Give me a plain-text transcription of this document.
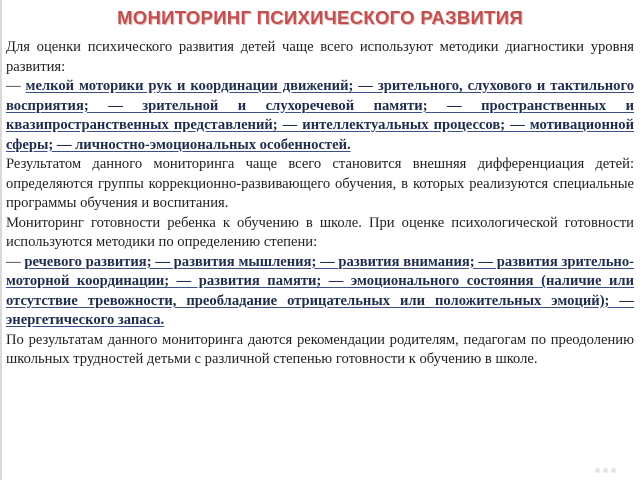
МОНИТОРИНГ ПСИХИЧЕСКОГО РАЗВИТИЯ

Для оценки психического развития детей чаще всего используют методики диагностики уровня развития:
— мелкой моторики рук и координации движений; — зрительного, слухового и тактильного восприятия; — зрительной и слухоречевой памяти; — пространственных и квазипространственных представлений; — интеллектуальных процессов; — мотивационной сферы; — личностно-эмоциональных особенностей.

Результатом данного мониторинга чаще всего становится внешняя дифференциация детей: определяются группы коррекционно-развивающего обучения, в которых реализуются специальные программы обучения и воспитания.

Мониторинг готовности ребенка к обучению в школе. При оценке психологической готовности используются методики по определению степени:
— речевого развития; — развития мышления; — развития внимания; — развития зрительно-моторной координации; — развития памяти; — эмоционального состояния (наличие или отсутствие тревожности, преобладание отрицательных или положительных эмоций); — энергетического запаса.

По результатам данного мониторинга даются рекомендации родителям, педагогам по преодолению школьных трудностей детьми с различной степенью готовности к обучению в школе.
